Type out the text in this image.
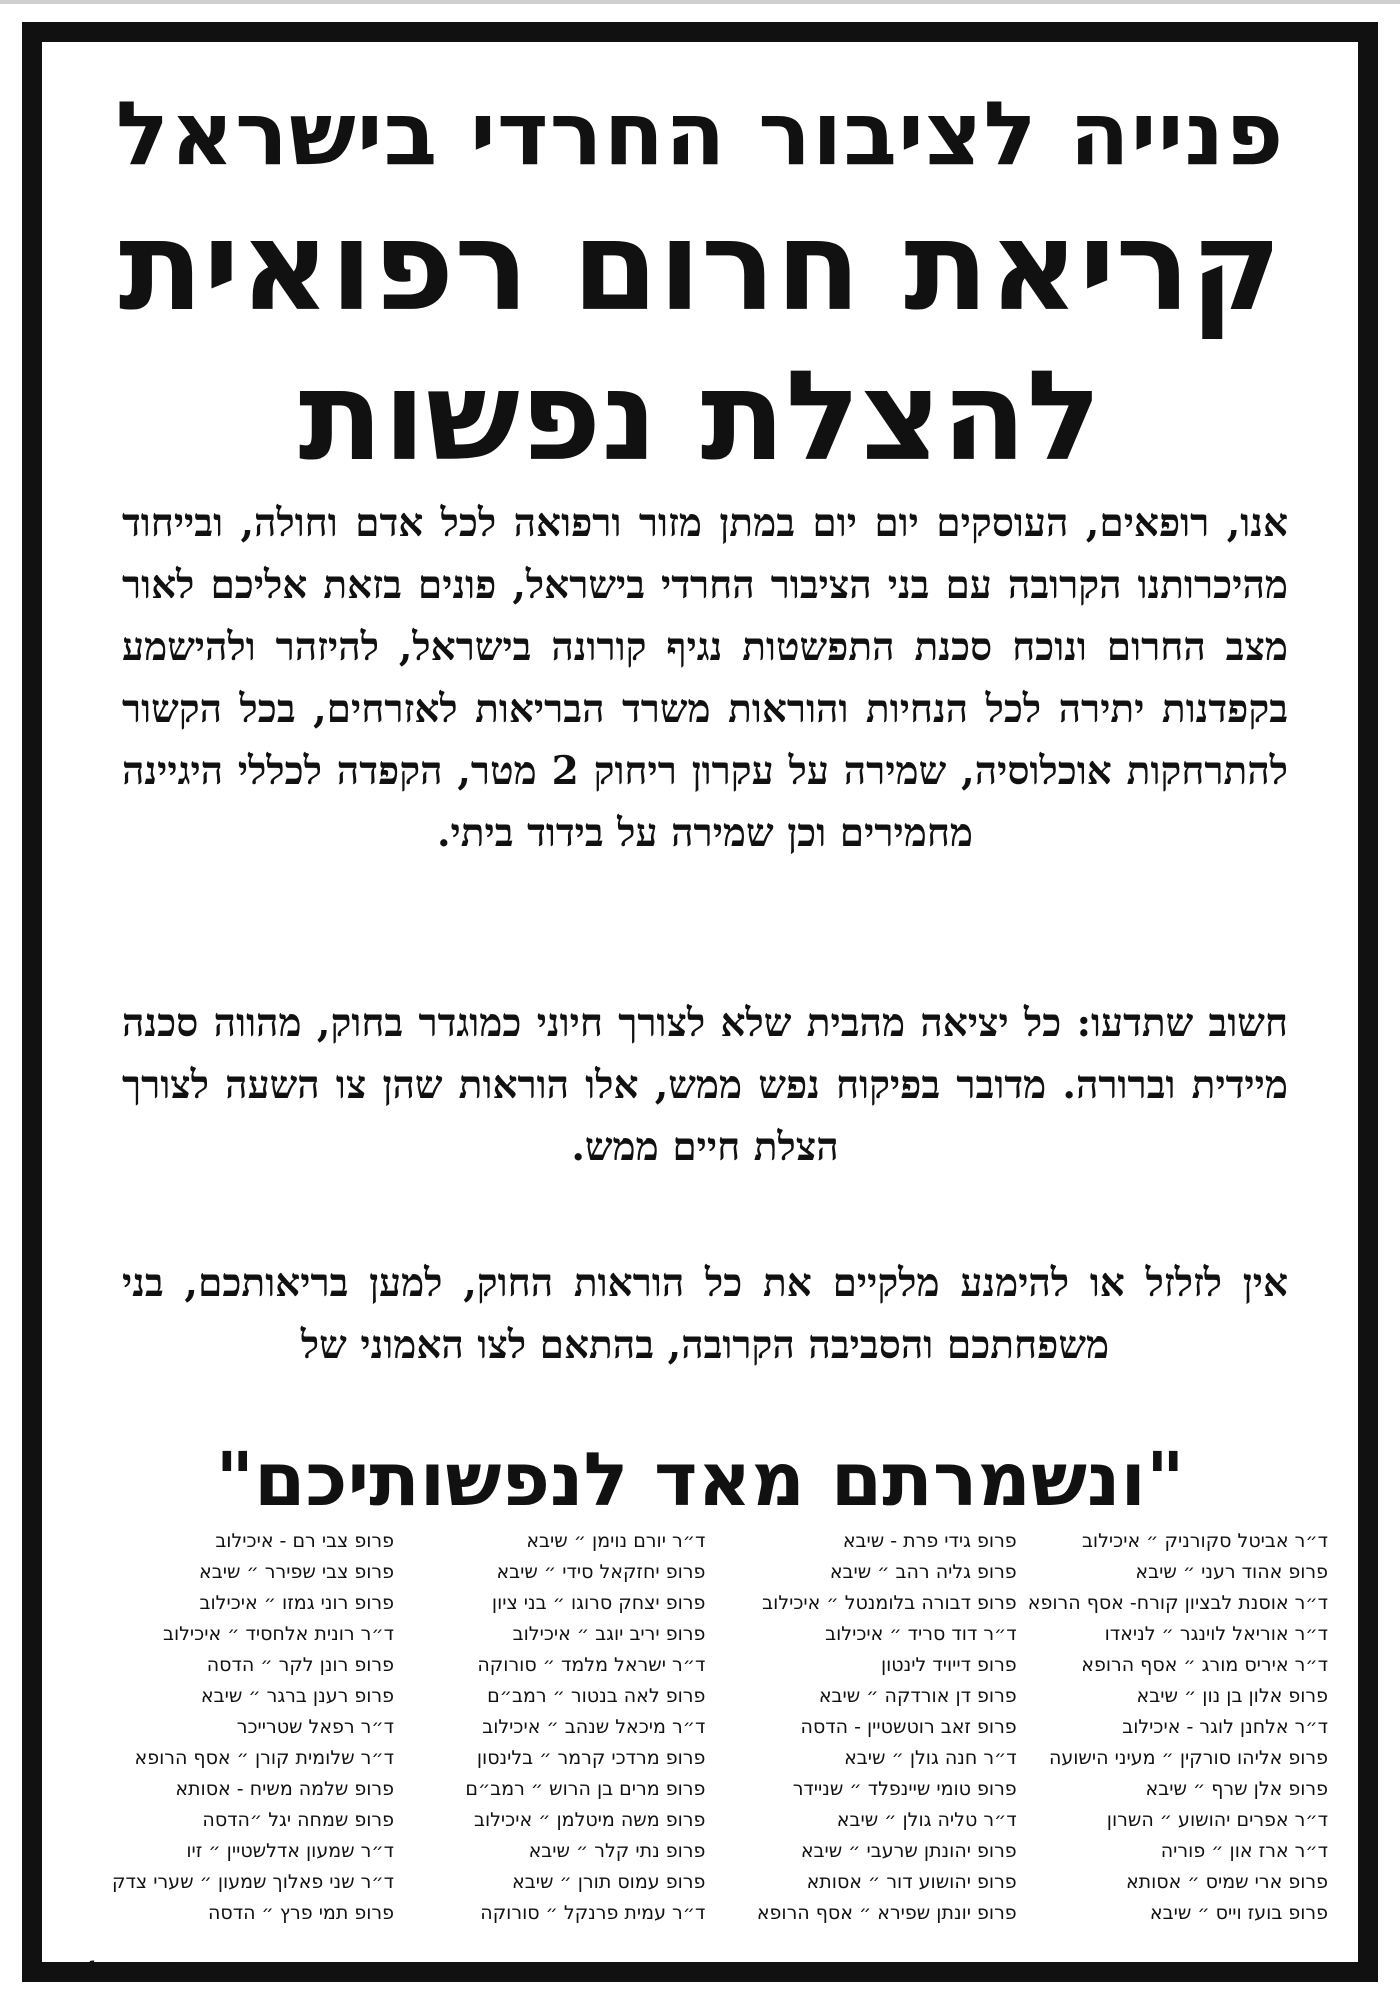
פנייה לציבור החרדי בישראל
קריאת חרום רפואית
להצלת נפשות

אנו, רופאים, העוסקים יום יום במתן מזור ורפואה לכל אדם וחולה, ובייחוד מהיכרותנו הקרובה עם בני הציבור החרדי בישראל, פונים בזאת אליכם לאור מצב החרום ונוכח סכנת התפשטות נגיף קורונה בישראל, להיזהר ולהישמע בקפדנות יתירה לכל הנחיות והוראות משרד הבריאות לאזרחים, בכל הקשור להתרחקות אוכלוסיה, שמירה על עקרון ריחוק 2 מטר, הקפדה לכללי היגיינה מחמירים וכן שמירה על בידוד ביתי.

חשוב שתדעו: כל יציאה מהבית שלא לצורך חיוני כמוגדר בחוק, מהווה סכנה מיידית וברורה. מדובר בפיקוח נפש ממש, אלו הוראות שהן צו השעה לצורך הצלת חיים ממש.

אין לזלזל או להימנע מלקיים את כל הוראות החוק, למען בריאותכם, בני משפחתכם והסביבה הקרובה, בהתאם לצו האמוני של

"ונשמרתם מאד לנפשותיכם"
ד״ר אביטל סקורניק ״ איכילוב
פרופ אהוד רעני ״ שיבא
ד״ר אוסנת לבציון קורח- אסף הרופא
ד״ר אוריאל לוינגר ״ לניאדו
ד״ר איריס מורג ״ אסף הרופא
פרופ אלון בן נון ״ שיבא
ד״ר אלחנן לוגר - איכילוב
פרופ אליהו סורקין ״ מעיני הישועה
פרופ אלן שרף ״ שיבא
ד״ר אפרים יהושוע ״ השרון
ד״ר ארז און ״ פוריה
פרופ ארי שמיס ״ אסותא
פרופ בועז וייס ״ שיבא
פרופ גידי פרת - שיבא
פרופ גליה רהב ״ שיבא
פרופ דבורה בלומנטל ״ איכילוב
ד״ר דוד סריד ״ איכילוב
פרופ דייויד לינטון
פרופ דן אורדקה ״ שיבא
פרופ זאב רוטשטיין - הדסה
ד״ר חנה גולן ״ שיבא
פרופ טומי שיינפלד ״ שניידר
ד״ר טליה גולן ״ שיבא
פרופ יהונתן שרעבי ״ שיבא
פרופ יהושוע דור ״ אסותא
פרופ יונתן שפירא ״ אסף הרופא
ד״ר יורם נוימן ״ שיבא
פרופ יחזקאל סידי ״ שיבא
פרופ יצחק סרוגו ״ בני ציון
פרופ יריב יוגב ״ איכילוב
ד״ר ישראל מלמד ״ סורוקה
פרופ לאה בנטור ״ רמב״ם
ד״ר מיכאל שנהב ״ איכילוב
פרופ מרדכי קרמר ״ בלינסון
פרופ מרים בן הרוש ״ רמב״ם
פרופ משה מיטלמן ״ איכילוב
פרופ נתי קלר ״ שיבא
פרופ עמוס תורן ״ שיבא
ד״ר עמית פרנקל ״ סורוקה
פרופ צבי רם - איכילוב
פרופ צבי שפירר ״ שיבא
פרופ רוני גמזו ״ איכילוב
ד״ר רונית אלחסיד ״ איכילוב
פרופ רונן לקר ״ הדסה
פרופ רענן ברגר ״ שיבא
ד״ר רפאל שטרייכר
ד״ר שלומית קורן ״ אסף הרופא
פרופ שלמה משיח - אסותא
פרופ שמחה יגל ״הדסה
ד״ר שמעון אדלשטיין ״ זיו
ד״ר שני פאלוך שמעון ״ שערי צדק
פרופ תמי פרץ ״ הדסה
מודעה מס׳ 1
